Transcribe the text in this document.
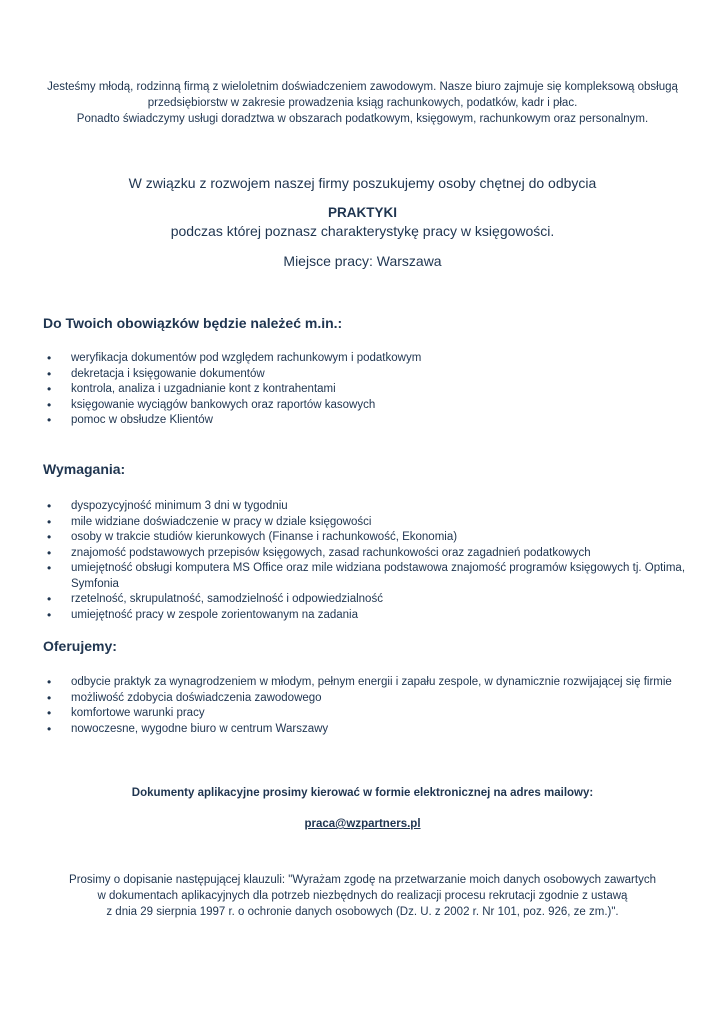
Jesteśmy młodą, rodzinną firmą z wieloletnim doświadczeniem zawodowym. Nasze biuro zajmuje się kompleksową obsługą
przedsiębiorstw w zakresie prowadzenia ksiąg rachunkowych, podatków, kadr i płac.
Ponadto świadczymy usługi doradztwa w obszarach podatkowym, księgowym, rachunkowym oraz personalnym.
W związku z rozwojem naszej firmy poszukujemy osoby chętnej do odbycia
PRAKTYKI
podczas której poznasz charakterystykę pracy w księgowości.
Miejsce pracy: Warszawa
Do Twoich obowiązków będzie należeć m.in.:
• weryfikacja dokumentów pod względem rachunkowym i podatkowym
• dekretacja i księgowanie dokumentów
• kontrola, analiza i uzgadnianie kont z kontrahentami
• księgowanie wyciągów bankowych oraz raportów kasowych
• pomoc w obsłudze Klientów
Wymagania:
• dyspozycyjność minimum 3 dni w tygodniu
• mile widziane doświadczenie w pracy w dziale księgowości
• osoby w trakcie studiów kierunkowych (Finanse i rachunkowość, Ekonomia)
• znajomość podstawowych przepisów księgowych, zasad rachunkowości oraz zagadnień podatkowych
• umiejętność obsługi komputera MS Office oraz mile widziana podstawowa znajomość programów księgowych tj. Optima, Symfonia
• rzetelność, skrupulatność, samodzielność i odpowiedzialność
• umiejętność pracy w zespole zorientowanym na zadania
Oferujemy:
• odbycie praktyk za wynagrodzeniem w młodym, pełnym energii i zapału zespole, w dynamicznie rozwijającej się firmie
• możliwość zdobycia doświadczenia zawodowego
• komfortowe warunki pracy
• nowoczesne, wygodne biuro w centrum Warszawy
Dokumenty aplikacyjne prosimy kierować w formie elektronicznej na adres mailowy:
praca@wzpartners.pl
Prosimy o dopisanie następującej klauzuli: "Wyrażam zgodę na przetwarzanie moich danych osobowych zawartych
w dokumentach aplikacyjnych dla potrzeb niezbędnych do realizacji procesu rekrutacji zgodnie z ustawą
z dnia 29 sierpnia 1997 r. o ochronie danych osobowych (Dz. U. z 2002 r. Nr 101, poz. 926, ze zm.)".
